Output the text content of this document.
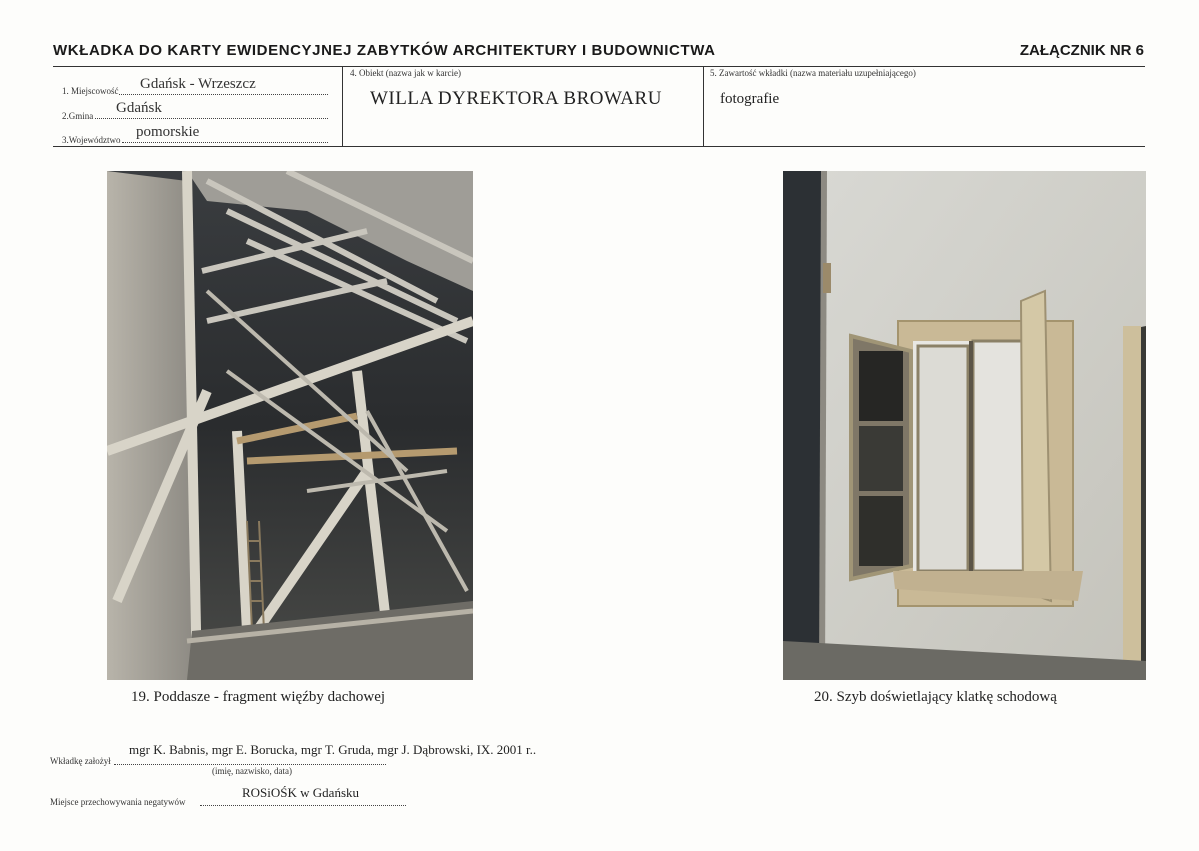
WKŁADKA DO KARTY EWIDENCYJNEJ ZABYTKÓW ARCHITEKTURY I BUDOWNICTWA	ZAŁĄCZNIK NR 6
1. Miejscowość Gdańsk - Wrzeszcz
2.Gmina Gdańsk
3.Województwo pomorskie
4. Obiekt (nazwa jak w karcie)
WILLA DYREKTORA BROWARU
5. Zawartość wkładki (nazwa materiału uzupełniającego)
fotografie
19. Poddasze - fragment więźby dachowej	20. Szyb doświetlający klatkę schodową
Wkładkę założył
mgr K. Babnis, mgr E. Borucka, mgr T. Gruda, mgr J. Dąbrowski, IX. 2001 r..
(imię, nazwisko, data)
Miejsce przechowywania negatywów
ROSiOŚK w Gdańsku
